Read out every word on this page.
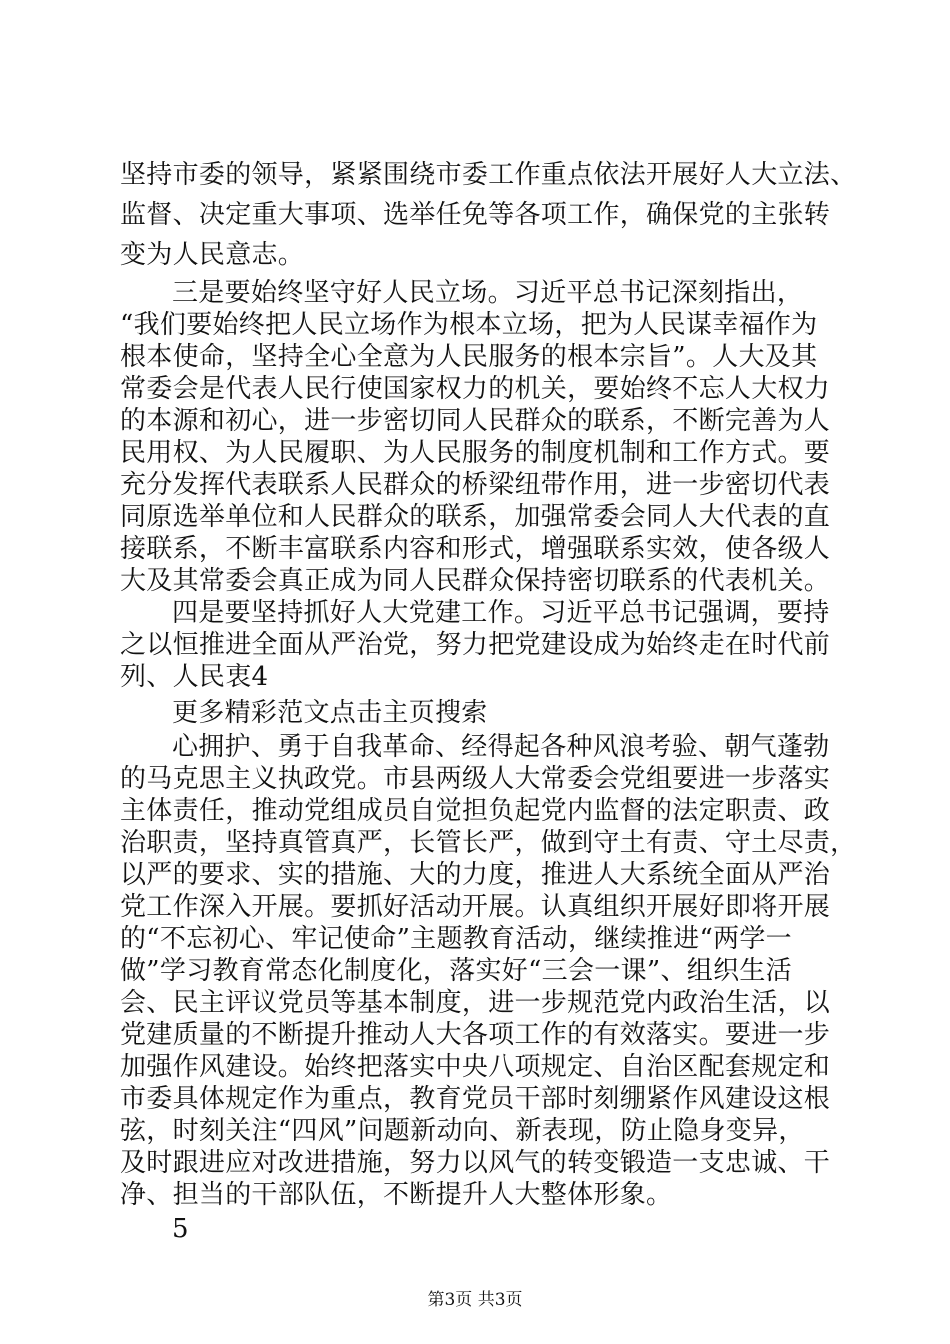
坚持市委的领导，紧紧围绕市委工作重点依法开展好人大立法、
监督、决定重大事项、选举任免等各项工作，确保党的主张转
变为人民意志。
三是要始终坚守好人民立场。习近平总书记深刻指出，
“我们要始终把人民立场作为根本立场，把为人民谋幸福作为
根本使命，坚持全心全意为人民服务的根本宗旨”。人大及其
常委会是代表人民行使国家权力的机关，要始终不忘人大权力
的本源和初心，进一步密切同人民群众的联系，不断完善为人
民用权、为人民履职、为人民服务的制度机制和工作方式。要
充分发挥代表联系人民群众的桥梁纽带作用，进一步密切代表
同原选举单位和人民群众的联系，加强常委会同人大代表的直
接联系，不断丰富联系内容和形式，增强联系实效，使各级人
大及其常委会真正成为同人民群众保持密切联系的代表机关。
四是要坚持抓好人大党建工作。习近平总书记强调，要持
之以恒推进全面从严治党，努力把党建设成为始终走在时代前
列、人民衷4
更多精彩范文点击主页搜索
心拥护、勇于自我革命、经得起各种风浪考验、朝气蓬勃
的马克思主义执政党。市县两级人大常委会党组要进一步落实
主体责任，推动党组成员自觉担负起党内监督的法定职责、政
治职责，坚持真管真严，长管长严，做到守土有责、守土尽责，
以严的要求、实的措施、大的力度，推进人大系统全面从严治
党工作深入开展。要抓好活动开展。认真组织开展好即将开展
的“不忘初心、牢记使命”主题教育活动，继续推进“两学一
做”学习教育常态化制度化，落实好“三会一课”、组织生活
会、民主评议党员等基本制度，进一步规范党内政治生活，以
党建质量的不断提升推动人大各项工作的有效落实。要进一步
加强作风建设。始终把落实中央八项规定、自治区配套规定和
市委具体规定作为重点，教育党员干部时刻绷紧作风建设这根
弦，时刻关注“四风”问题新动向、新表现，防止隐身变异，
及时跟进应对改进措施，努力以风气的转变锻造一支忠诚、干
净、担当的干部队伍，不断提升人大整体形象。
5
第3页 共3页
